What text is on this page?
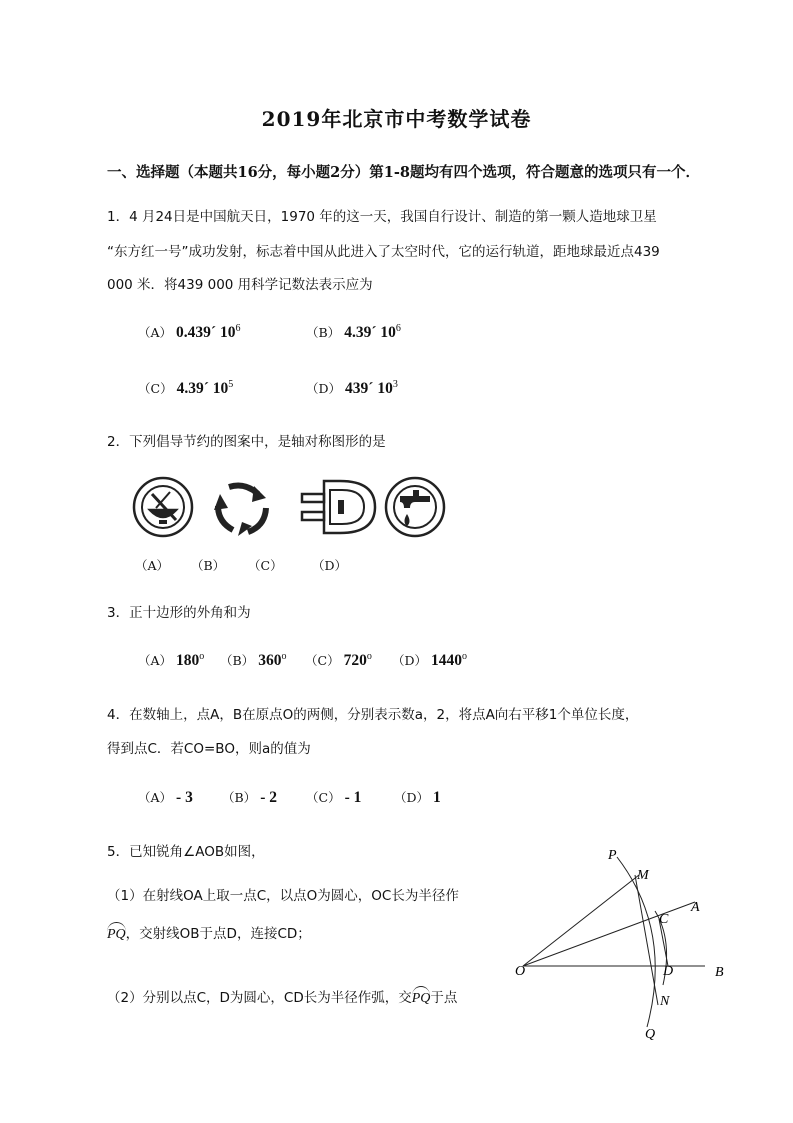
2019年北京市中考数学试卷
一、选择题（本题共16分，每小题2分）第1-8题均有四个选项，符合题意的选项只有一个．
1．4 月24日是中国航天日，1970 年的这一天，我国自行设计、制造的第一颗人造地球卫星
“东方红一号”成功发射，标志着中国从此进入了太空时代，它的运行轨道，距地球最近点439
000 米．将439 000 用科学记数法表示应为
（A） 0.439´ $10^6$	（B） 4.39´ $10^6$
（C） 4.39´ $10^5$	（D） 439´ $10^3$
2．下列倡导节约的图案中，是轴对称图形的是
（A） （B） （C） （D）
3．正十边形的外角和为
（A） 180$^o$ （B） 360$^o$ （C） 720$^o$ （D） 1440$^o$
4．在数轴上，点A，B在原点O的两侧，分别表示数a，2，将点A向右平移1个单位长度，
得到点C．若CO=BO，则a的值为
（A） - 3 （B） - 2 （C） - 1	（D） 1
5．已知锐角∠AOB如图，
（1）在射线OA上取一点C，以点O为圆心，OC长为半径作
PQ，交射线OB于点D，连接CD；
（2）分别以点C，D为圆心，CD长为半径作弧，交PQ于点
P
M
A
C
O	D	B
N
Q
